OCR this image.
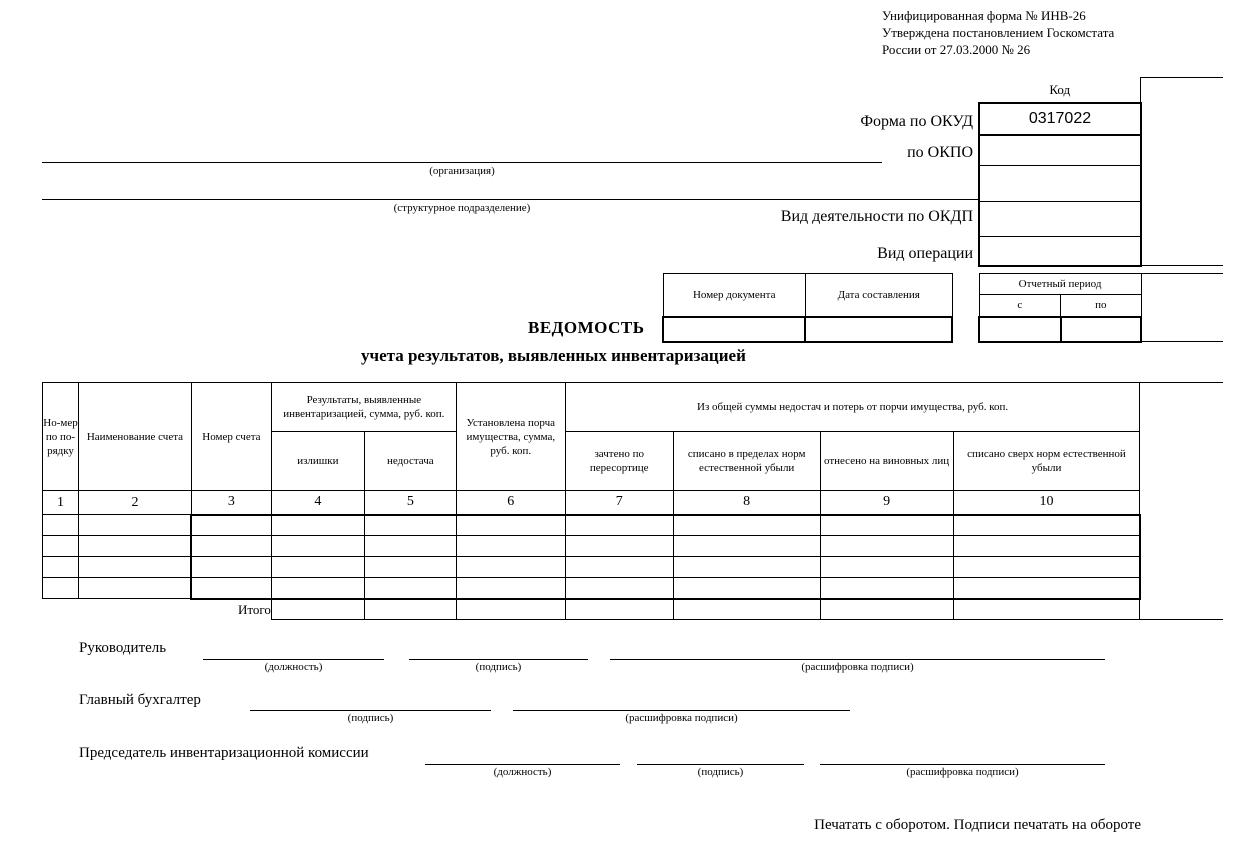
Унифицированная форма № ИНВ-26
Утверждена постановлением Госкомстата
России от 27.03.2000 № 26
Код	
0317022	

Форма по ОКУД
по ОКПО
Вид деятельности по ОКДП
Вид операции
(организация)
(структурное подразделение)
Номер документа	Дата составления

Отчетный период		
с	по	

ВЕДОМОСТЬ
учета результатов, выявленных инвентаризацией
Но-мер по по-рядку	Наименование счета	Номер счета	Результаты, выявленные инвентаризацией, сумма, руб. коп.		Установлена порча имущества, сумма, руб. коп.	Из общей суммы недостач и потерь от порчи имущества, руб. коп.				
			излишки	недостача		зачтено по пересортице	списано в пределах норм естественной убыли	отнесено на виновных лиц	списано сверх норм естественной убыли	
1	2	3	4	5	6	7	8	9	10	

		Итого								
Руководитель
(должность)	(подпись)	(расшифровка подписи)
Главный бухгалтер
(подпись)	(расшифровка подписи)
Председатель инвентаризационной комиссии
(должность)	(подпись)	(расшифровка подписи)
Печатать с оборотом. Подписи печатать на обороте
